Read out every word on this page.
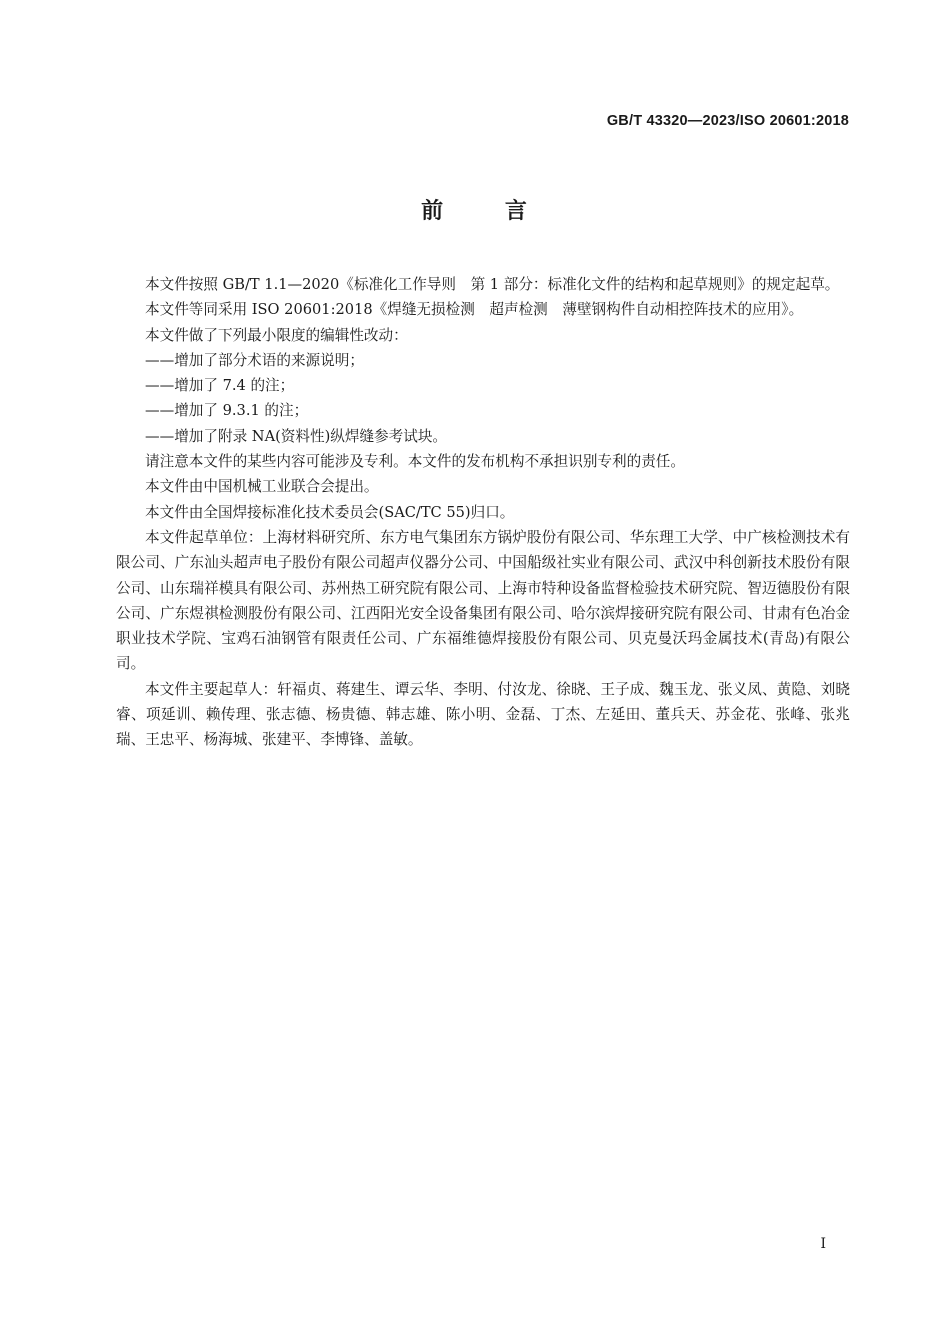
GB/T 43320—2023/ISO 20601:2018
前 言

本文件按照 GB/T 1.1—2020《标准化工作导则　第 1 部分：标准化文件的结构和起草规则》的规定起草。

本文件等同采用 ISO 20601:2018《焊缝无损检测　超声检测　薄壁钢构件自动相控阵技术的应用》。

本文件做了下列最小限度的编辑性改动：

——增加了部分术语的来源说明；

——增加了 7.4 的注；

——增加了 9.3.1 的注；

——增加了附录 NA(资料性)纵焊缝参考试块。

请注意本文件的某些内容可能涉及专利。本文件的发布机构不承担识别专利的责任。

本文件由中国机械工业联合会提出。

本文件由全国焊接标准化技术委员会(SAC/TC 55)归口。

本文件起草单位：上海材料研究所、东方电气集团东方锅炉股份有限公司、华东理工大学、中广核检测技术有限公司、广东汕头超声电子股份有限公司超声仪器分公司、中国船级社实业有限公司、武汉中科创新技术股份有限公司、山东瑞祥模具有限公司、苏州热工研究院有限公司、上海市特种设备监督检验技术研究院、智迈德股份有限公司、广东煜祺检测股份有限公司、江西阳光安全设备集团有限公司、哈尔滨焊接研究院有限公司、甘肃有色冶金职业技术学院、宝鸡石油钢管有限责任公司、广东福维德焊接股份有限公司、贝克曼沃玛金属技术(青岛)有限公司。

本文件主要起草人：轩福贞、蒋建生、谭云华、李明、付汝龙、徐晓、王子成、魏玉龙、张义凤、黄隐、刘晓睿、项延训、赖传理、张志德、杨贵德、韩志雄、陈小明、金磊、丁杰、左延田、董兵天、苏金花、张峰、张兆瑞、王忠平、杨海城、张建平、李博锋、盖敏。

I
